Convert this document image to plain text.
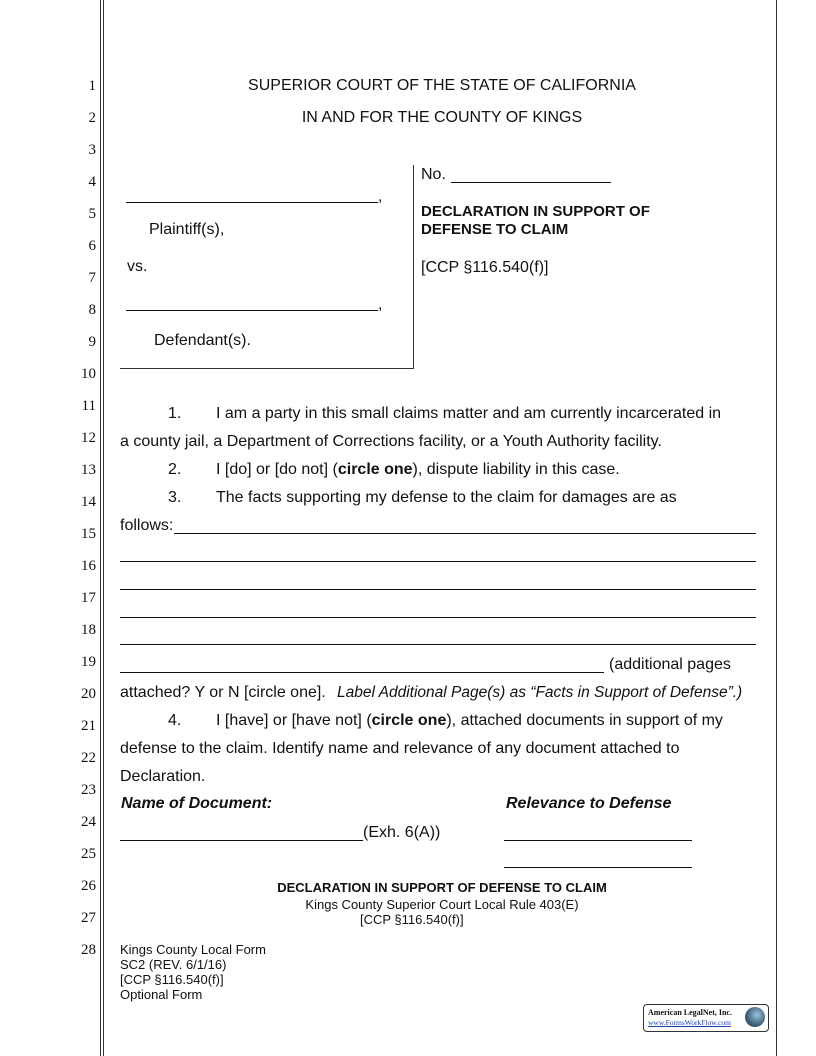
1
2
3
4
5
6
7
8
9
10
11
12
13
14
15
16
17
18
19
20
21
22
23
24
25
26
27
28
SUPERIOR COURT OF THE STATE OF CALIFORNIA
IN AND FOR THE COUNTY OF KINGS
,
Plaintiff(s),
vs.
,
Defendant(s).
No.
DECLARATION IN SUPPORT OF
DEFENSE TO CLAIM
[CCP §116.540(f)]
1. I am a party in this small claims matter and am currently incarcerated in
a county jail, a Department of Corrections facility, or a Youth Authority facility.
2. I [do] or [do not] (circle one), dispute liability in this case.
3. The facts supporting my defense to the claim for damages are as
follows:
(additional pages
attached? Y or N [circle one]. Label Additional Page(s) as “Facts in Support of Defense”.)
4. I [have] or [have not] (circle one), attached documents in support of my
defense to the claim. Identify name and relevance of any document attached to
Declaration.
Name of Document:	Relevance to Defense
(Exh. 6(A))
DECLARATION IN SUPPORT OF DEFENSE TO CLAIM
Kings County Superior Court Local Rule 403(E)
[CCP §116.540(f)]
Kings County Local Form
SC2 (REV. 6/1/16)
[CCP §116.540(f)]
Optional Form
American LegalNet, Inc.
www.FormsWorkFlow.com
